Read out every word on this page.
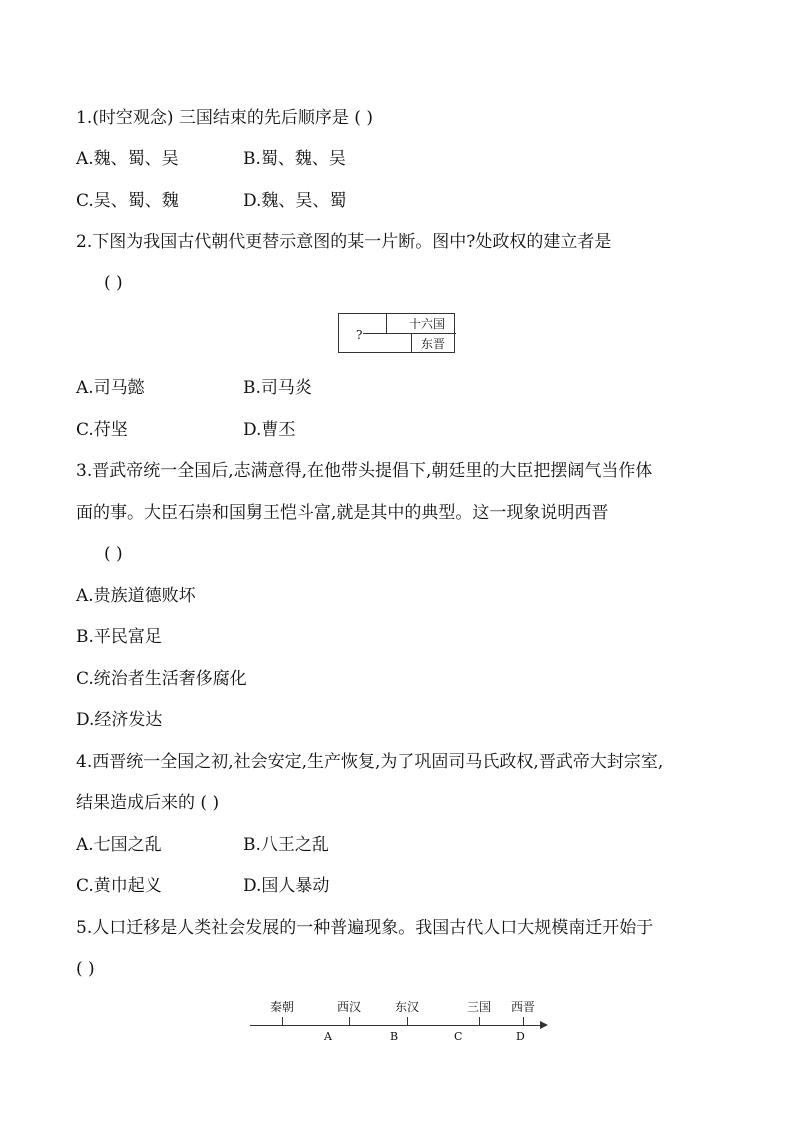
1.(时空观念) 三国结束的先后顺序是 ( )
A.魏、蜀、吴	B.蜀、魏、吴
C.吴、蜀、魏	D.魏、吴、蜀
2.下图为我国古代朝代更替示意图的某一片断。图中?处政权的建立者是
( )
?
十六国
东晋
A.司马懿	B.司马炎
C.苻坚	D.曹丕
3.晋武帝统一全国后,志满意得,在他带头提倡下,朝廷里的大臣把摆阔气当作体
面的事。大臣石崇和国舅王恺斗富,就是其中的典型。这一现象说明西晋
( )
A.贵族道德败坏
B.平民富足
C.统治者生活奢侈腐化
D.经济发达
4.西晋统一全国之初,社会安定,生产恢复,为了巩固司马氏政权,晋武帝大封宗室,
结果造成后来的 ( )
A.七国之乱	B.八王之乱
C.黄巾起义	D.国人暴动
5.人口迁移是人类社会发展的一种普遍现象。我国古代人口大规模南迁开始于
( )
秦朝	西汉	东汉	三国 西晋
A	B	C	D
